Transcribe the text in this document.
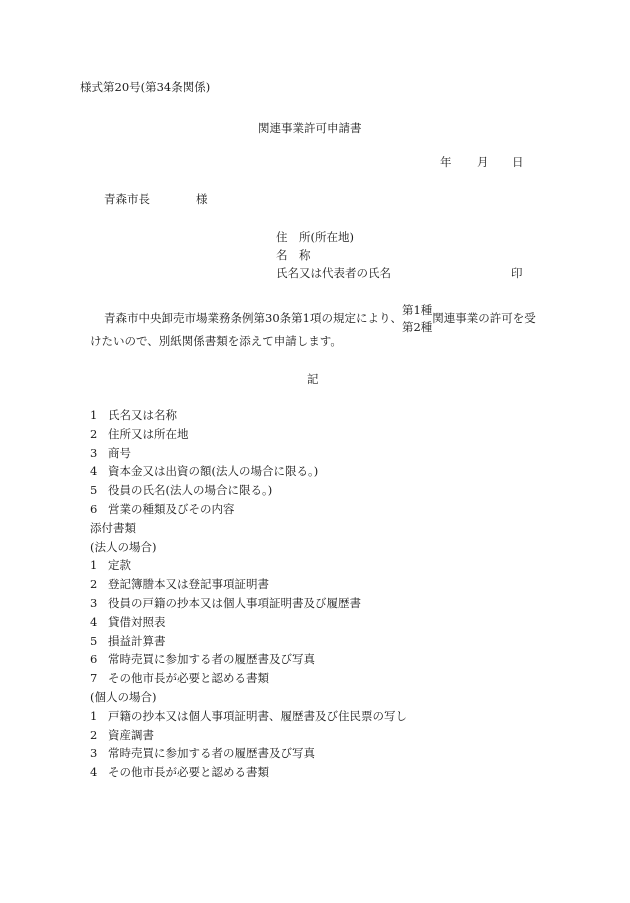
様式第20号(第34条関係)
関連事業許可申請書
年 月 日
青森市長	様
住　所(所在地)
名　称
氏名又は代表者の氏名	印
青森市中央卸売市場業務条例第30条第1項の規定により、
第1種
第2種
関連事業の許可を受
けたいので、別紙関係書類を添えて申請します。
記
1 氏名又は名称
2 住所又は所在地
3 商号
4 資本金又は出資の額(法人の場合に限る。)
5 役員の氏名(法人の場合に限る。)
6 営業の種類及びその内容
添付書類
(法人の場合)
1 定款
2 登記簿謄本又は登記事項証明書
3 役員の戸籍の抄本又は個人事項証明書及び履歴書
4 貸借対照表
5 損益計算書
6 常時売買に参加する者の履歴書及び写真
7 その他市長が必要と認める書類
(個人の場合)
1 戸籍の抄本又は個人事項証明書、履歴書及び住民票の写し
2 資産調書
3 常時売買に参加する者の履歴書及び写真
4 その他市長が必要と認める書類
